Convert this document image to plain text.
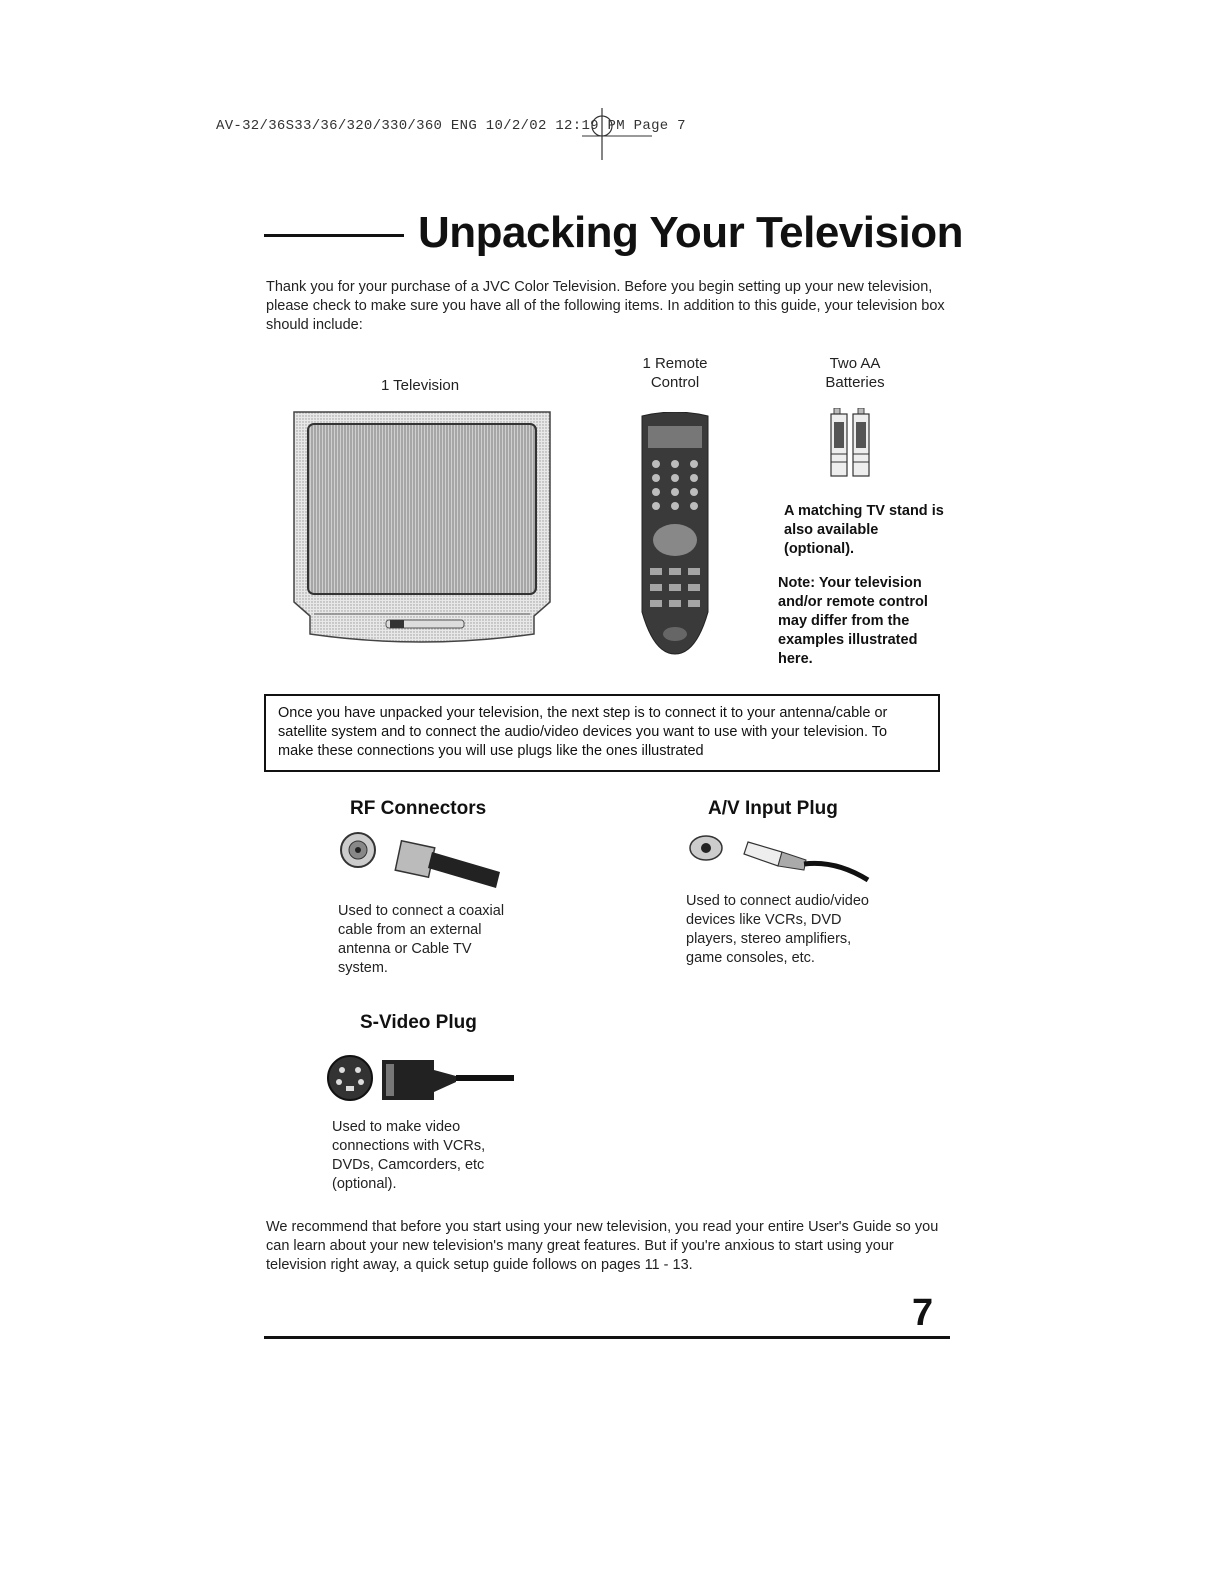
AV-32/36S33/36/320/330/360 ENG 10/2/02 12:19 PM Page 7
Unpacking Your Television
Thank you for your purchase of a JVC Color Television. Before you begin setting up your new television, please check to make sure you have all of the following items. In addition to this guide, your television box should include:
1 Television
1 Remote
Control
Two AA
Batteries
A matching TV stand is also available (optional).
Note: Your television and/or remote control may differ from the examples illustrated here.
Once you have unpacked your television, the next step is to connect it to your antenna/cable or satellite system and to connect the audio/video devices you want to use with your television. To make these connections you will use plugs like the ones illustrated
RF Connectors
Used to connect a coaxial cable from an external antenna or Cable TV system.
A/V Input Plug
Used to connect audio/video devices like VCRs, DVD players, stereo amplifiers, game consoles, etc.
S-Video Plug
Used to make video connections with VCRs, DVDs, Camcorders, etc (optional).
We recommend that before you start using your new television, you read your entire User's Guide so you can learn about your new television's many great features. But if you're anxious to start using your television right away, a quick setup guide follows on pages 11 - 13.
7
